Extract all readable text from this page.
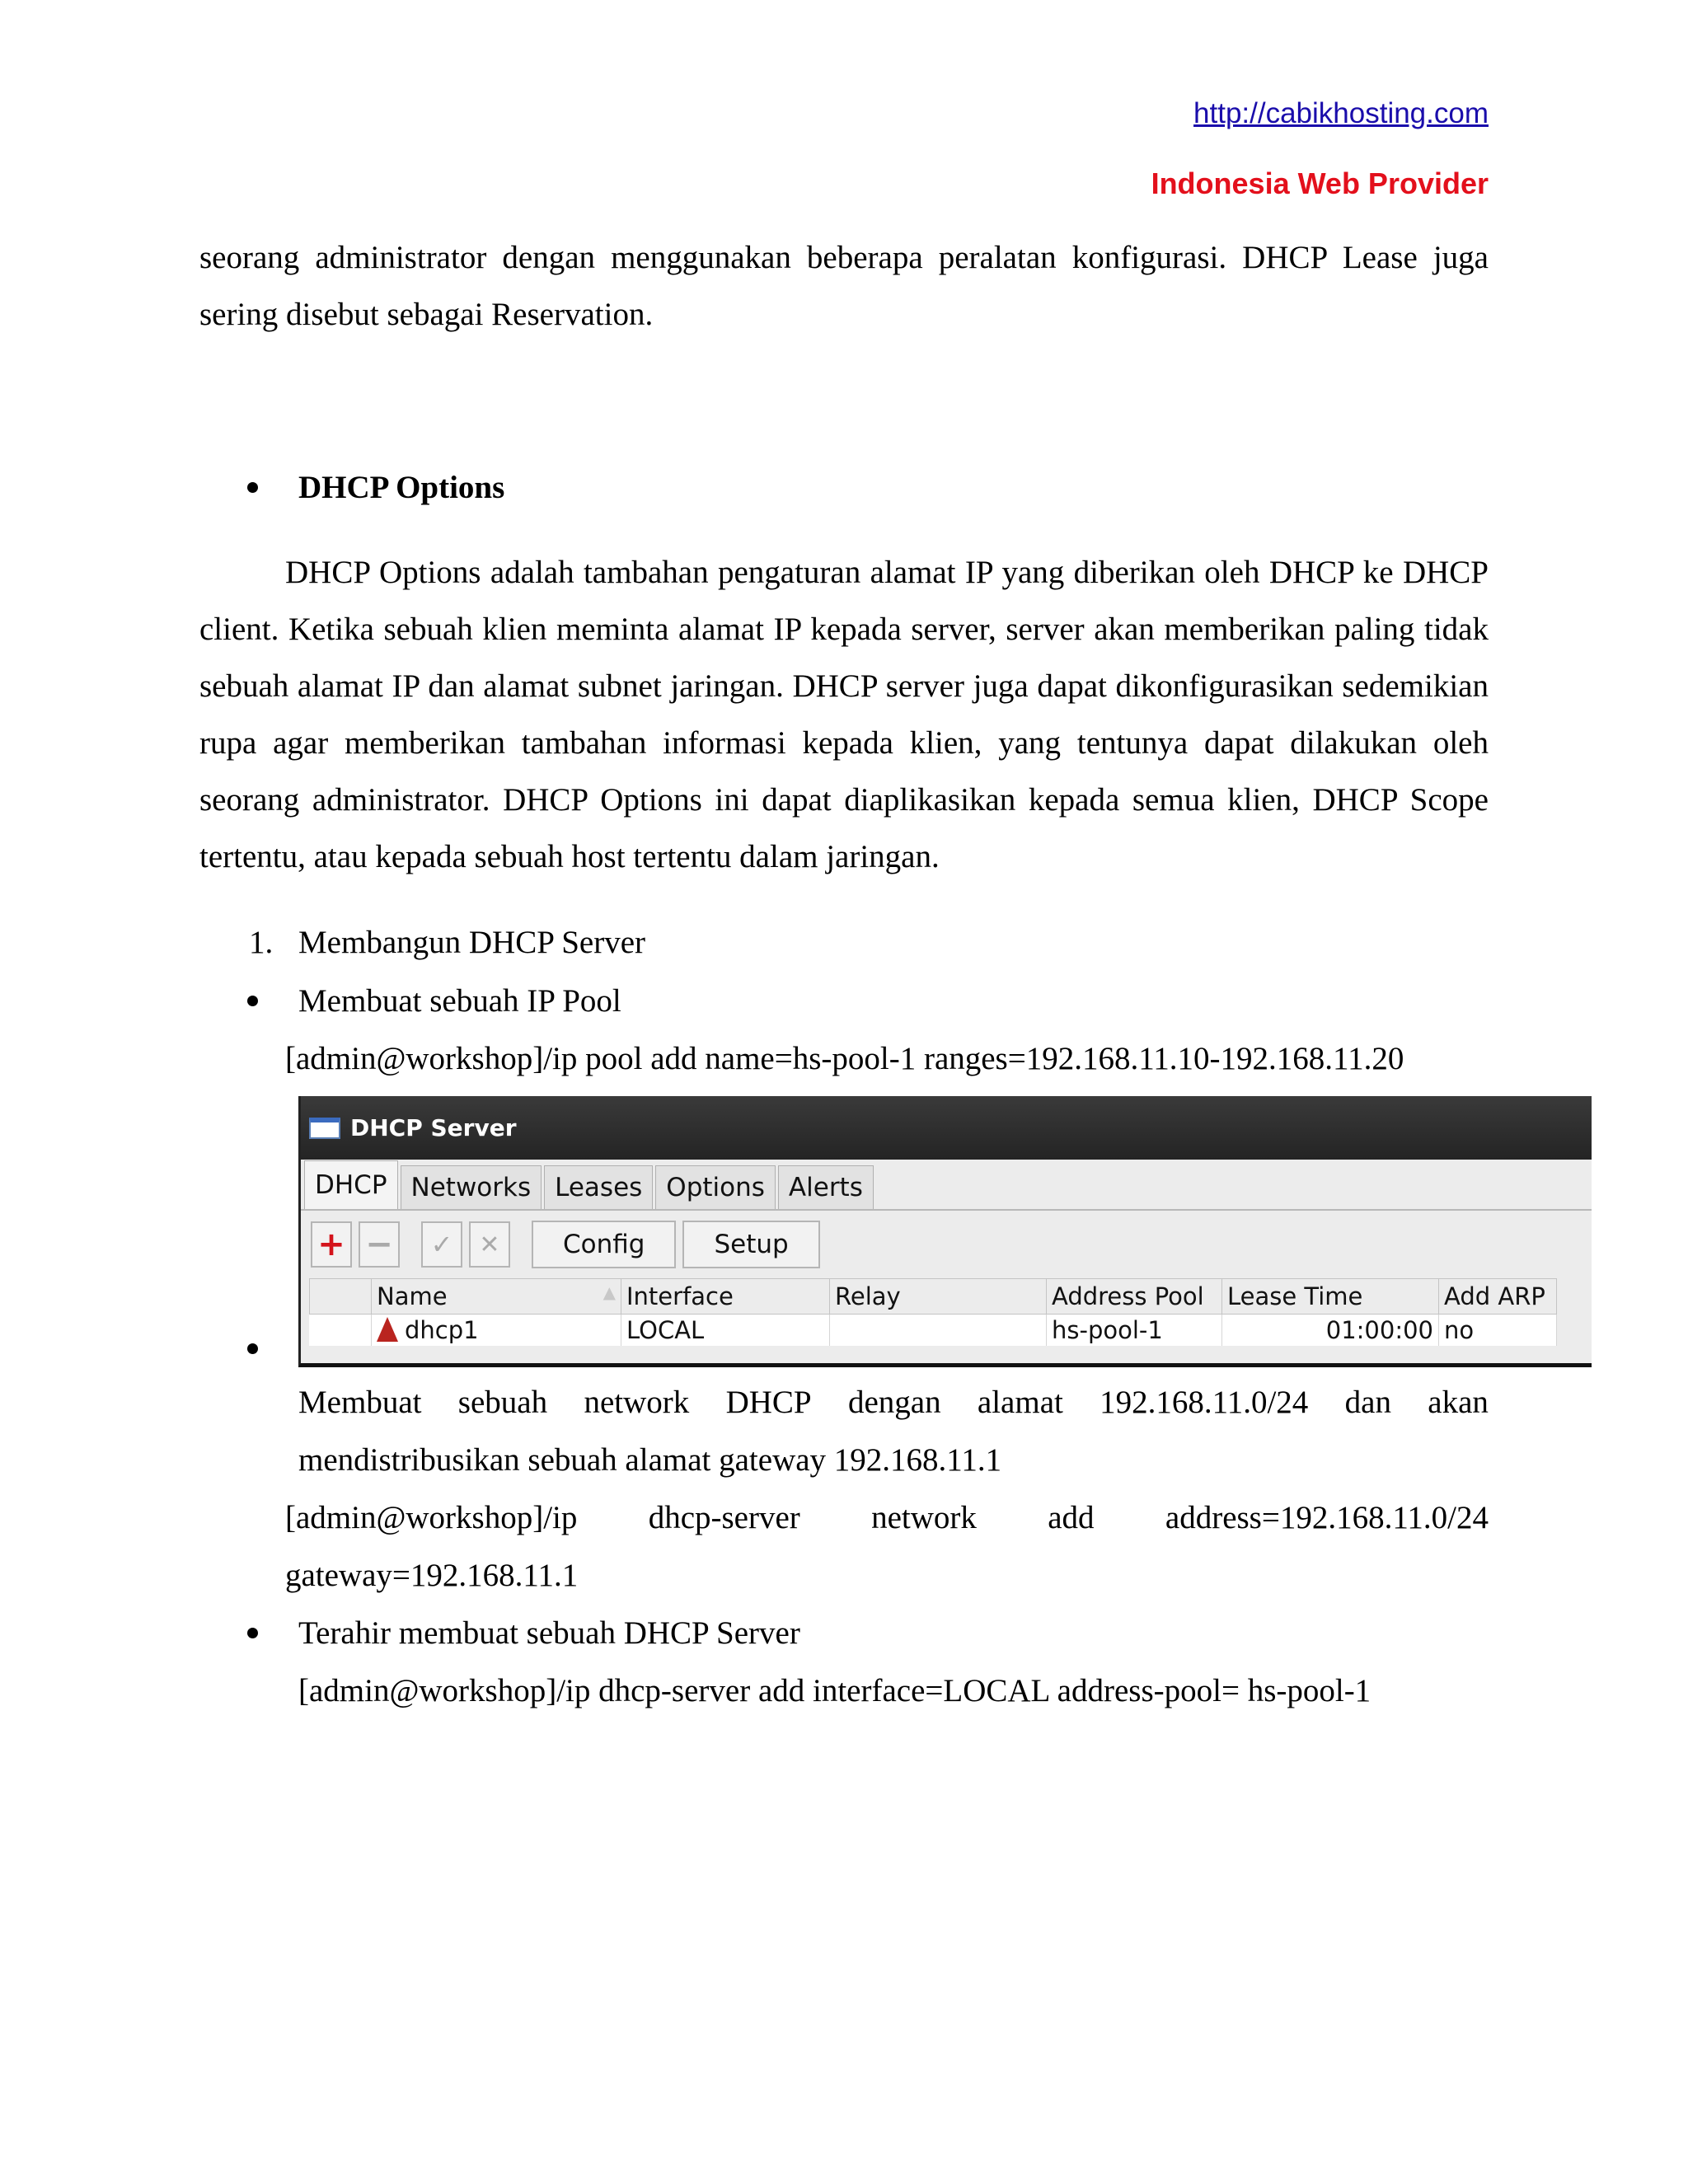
http://cabikhosting.com
Indonesia Web Provider
seorang administrator dengan menggunakan beberapa peralatan konfigurasi. DHCP Lease juga sering disebut sebagai Reservation.
DHCP Options
DHCP Options adalah tambahan pengaturan alamat IP yang diberikan oleh DHCP ke DHCP client. Ketika sebuah klien meminta alamat IP kepada server, server akan memberikan paling tidak sebuah alamat IP dan alamat subnet jaringan. DHCP server juga dapat dikonfigurasikan sedemikian rupa agar memberikan tambahan informasi kepada klien, yang tentunya dapat dilakukan oleh seorang administrator. DHCP Options ini dapat diaplikasikan kepada semua klien, DHCP Scope tertentu, atau kepada sebuah host tertentu dalam jaringan.
1. Membangun DHCP Server
Membuat sebuah IP Pool
[admin@workshop]/ip pool add name=hs-pool-1 ranges=192.168.11.10-192.168.11.20
DHCP Server
DHCP Networks Leases Options Alerts
+ − ✓ ✕	Config	Setup
	Name ▲	Interface	Relay	Address Pool	Lease Time	Add ARP
	dhcp1	LOCAL		hs-pool-1	01:00:00	no
Membuat sebuah network DHCP dengan alamat 192.168.11.0/24 dan akan
mendistribusikan sebuah alamat gateway 192.168.11.1
[admin@workshop]/ip dhcp-server network add address=192.168.11.0/24
gateway=192.168.11.1
Terahir membuat sebuah DHCP Server
[admin@workshop]/ip dhcp-server add interface=LOCAL address-pool= hs-pool-1
